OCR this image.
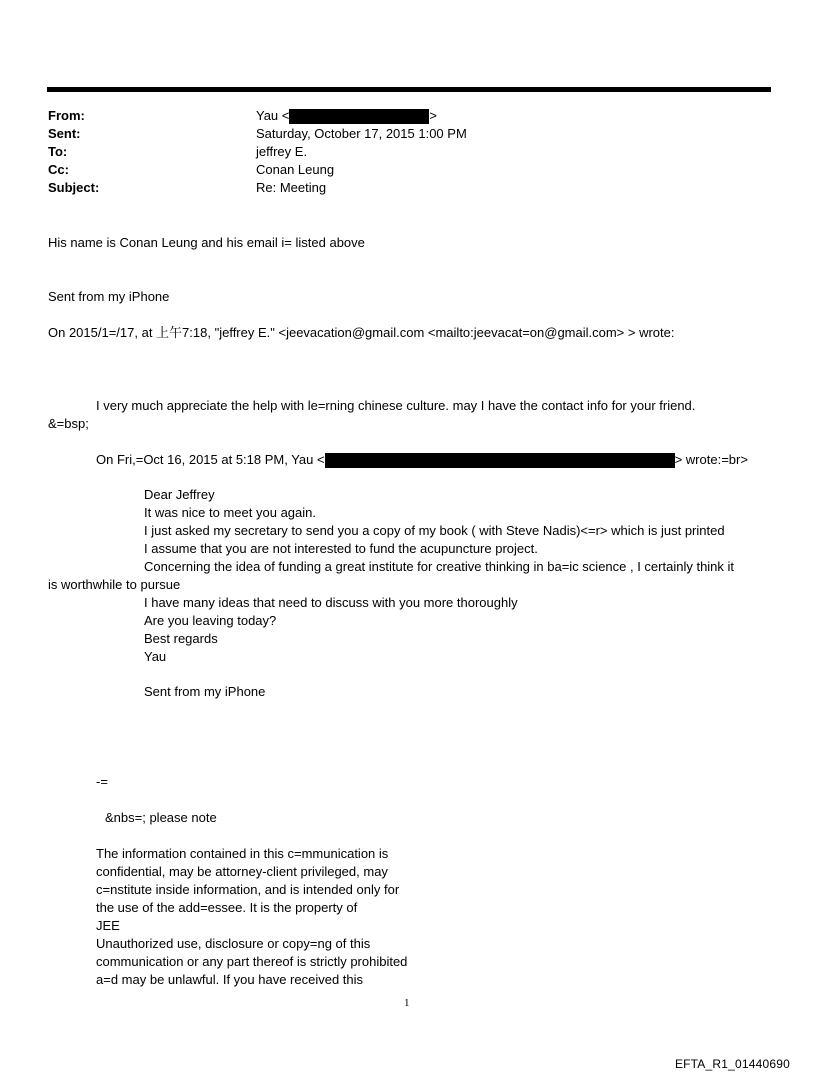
From:	Yau <	>
Sent:	Saturday, October 17, 2015 1:00 PM
To:	jeffrey E.
Cc:	Conan Leung
Subject:	Re: Meeting
His name is Conan Leung and his email i= listed above
Sent from my iPhone
On 2015/1=/17, at 上午7:18, "jeffrey E." <jeevacation@gmail.com <mailto:jeevacat=on@gmail.com> > wrote:
I very much appreciate the help with le=rning chinese culture. may I have the contact info for your friend.
&=bsp;
On Fri,=Oct 16, 2015 at 5:18 PM, Yau <	> wrote:=br>
Dear Jeffrey
It was nice to meet you again.
I just asked my secretary to send you a copy of my book ( with Steve Nadis)<=r> which is just printed
I assume that you are not interested to fund the acupuncture project.
Concerning the idea of funding a great institute for creative thinking in ba=ic science , I certainly think it
is worthwhile to pursue
I have many ideas that need to discuss with you more thoroughly
Are you leaving today?
Best regards
Yau
Sent from my iPhone
-=
&nbs=; please note
The information contained in this c=mmunication is
confidential, may be attorney-client privileged, may
c=nstitute inside information, and is intended only for
the use of the add=essee. It is the property of
JEE
Unauthorized use, disclosure or copy=ng of this
communication or any part thereof is strictly prohibited
a=d may be unlawful. If you have received this
1
EFTA_R1_01440690
